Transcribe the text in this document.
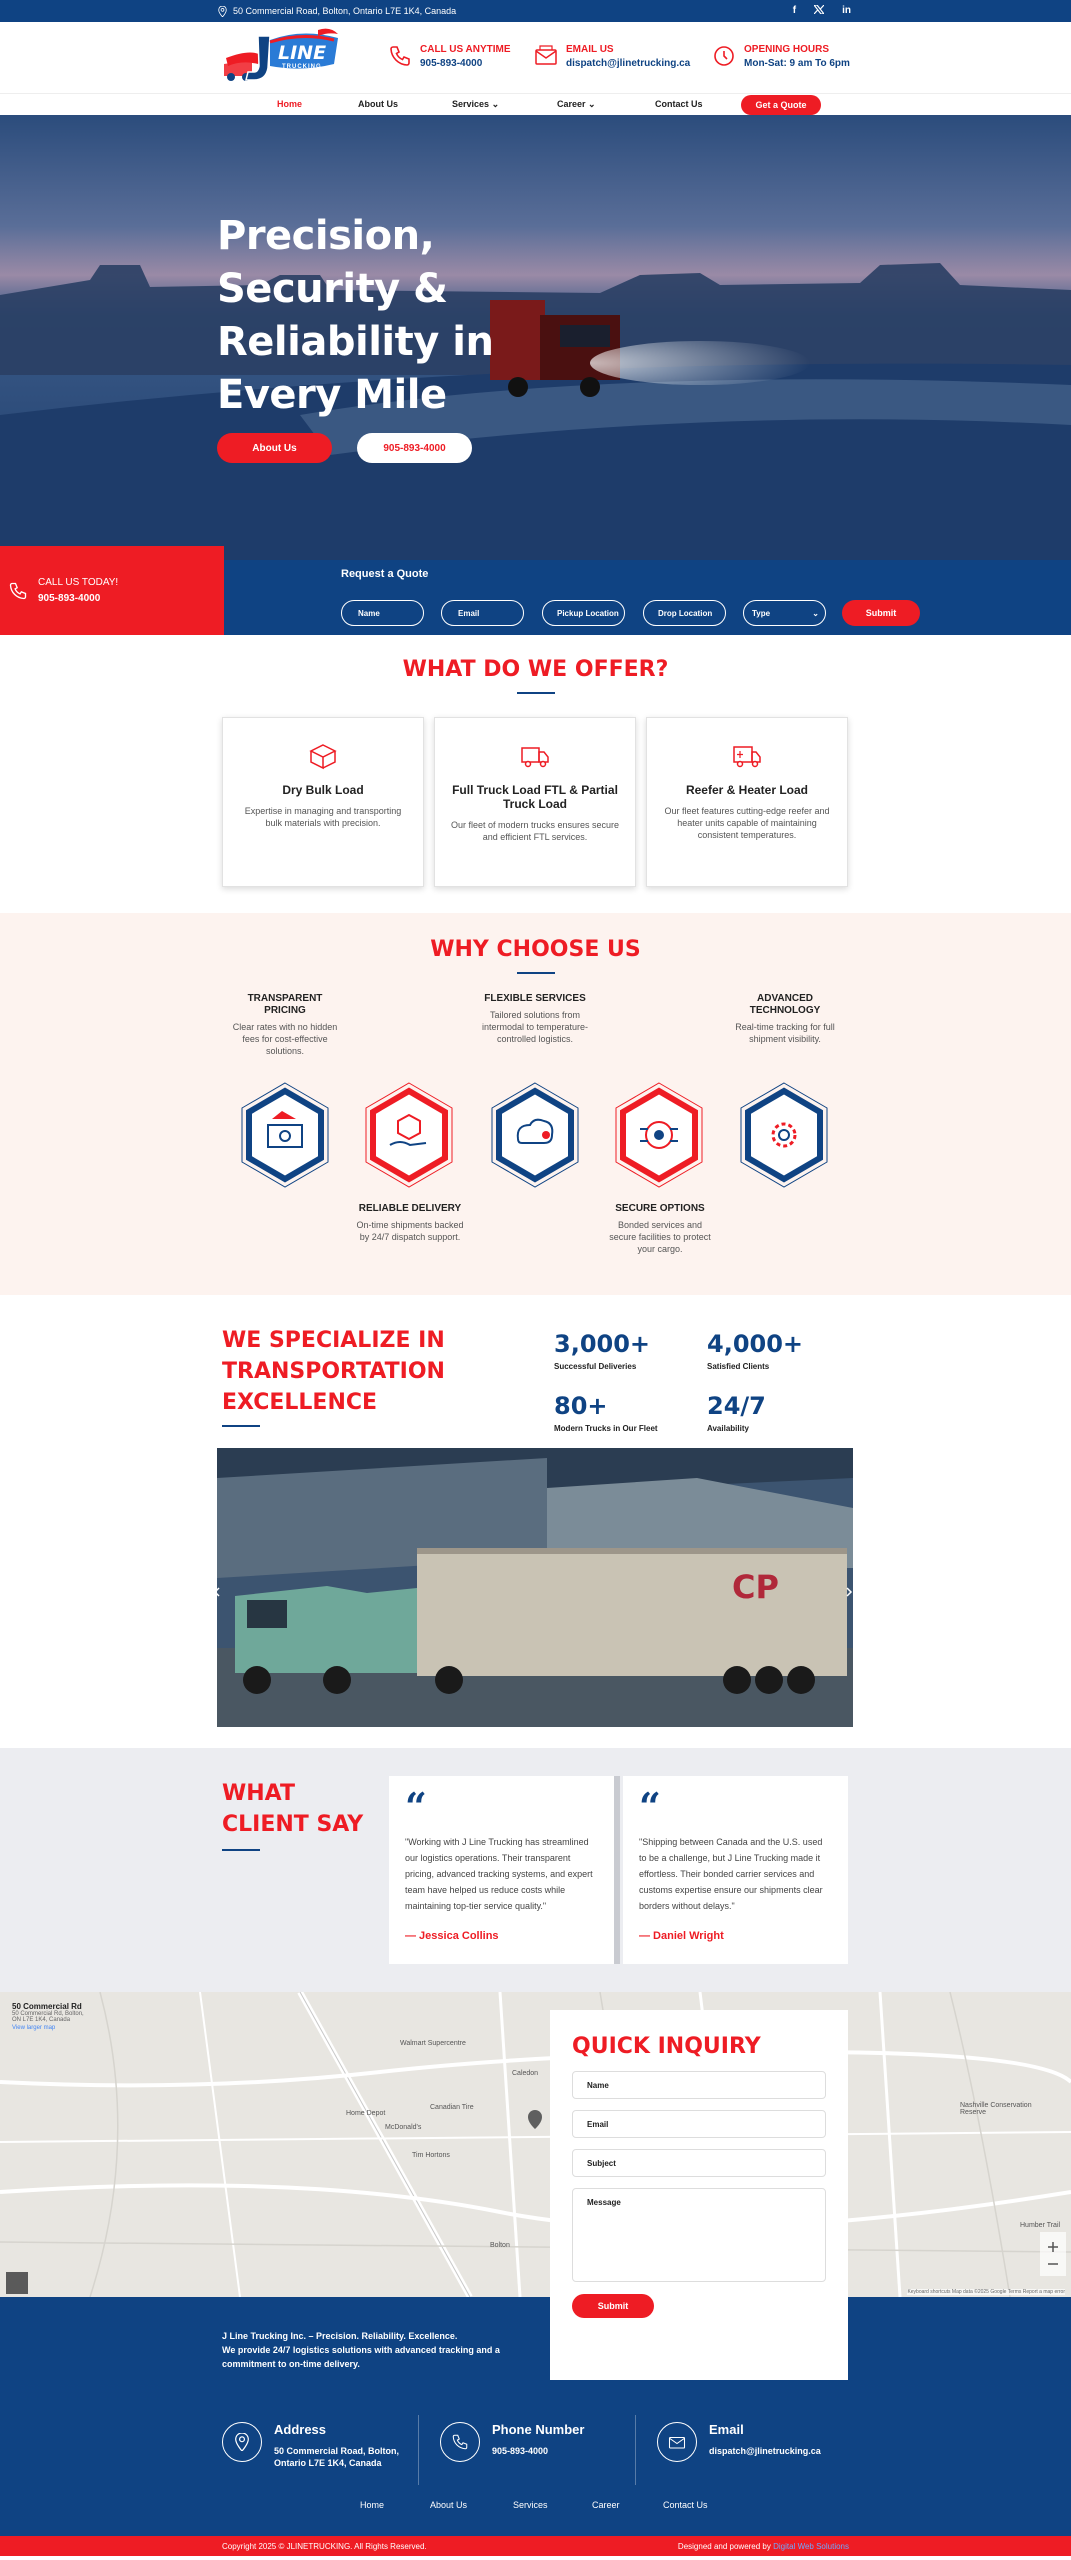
50 Commercial Road, Bolton, Ontario L7E 1K4, Canada	f	in
LINE
TRUCKING
CALL US ANYTIME
905-893-4000
EMAIL US
dispatch@jlinetrucking.ca
OPENING HOURS
Mon-Sat: 9 am To 6pm
Home	About Us	Services ⌄	Career ⌄	Contact Us	Get a Quote
Precision, Security & Reliability in Every Mile
About Us	905-893-4000
CALL US TODAY!
905-893-4000
Request a Quote
Name	Email	Pickup Location	Drop Location	Type	⌄	Submit
WHAT DO WE OFFER?
Dry Bulk Load

Expertise in managing and transporting bulk materials with precision.

Full Truck Load FTL & Partial Truck Load

Our fleet of modern trucks ensures secure and efficient FTL services.

Reefer & Heater Load

Our fleet features cutting-edge reefer and heater units capable of maintaining consistent temperatures.

WHY CHOOSE US
TRANSPARENT PRICING

Clear rates with no hidden fees for cost-effective solutions.

FLEXIBLE SERVICES

Tailored solutions from intermodal to temperature-controlled logistics.

ADVANCED TECHNOLOGY

Real-time tracking for full shipment visibility.

RELIABLE DELIVERY

On-time shipments backed by 24/7 dispatch support.

SECURE OPTIONS

Bonded services and secure facilities to protect your cargo.

WE SPECIALIZE IN TRANSPORTATION EXCELLENCE
3,000+
Successful Deliveries
4,000+
Satisfied Clients
80+
Modern Trucks in Our Fleet
24/7
Availability
CP
WHAT CLIENT SAY “

"Working with J Line Trucking has streamlined our logistics operations. Their transparent pricing, advanced tracking systems, and expert team have helped us reduce costs while maintaining top-tier service quality."

— Jessica Collins
“

"Shipping between Canada and the U.S. used to be a challenge, but J Line Trucking made it effortless. Their bonded carrier services and customs expertise ensure our shipments clear borders without delays."

— Daniel Wright
50 Commercial Rd
50 Commercial Rd, Bolton, ON L7E 1K4, Canada
View larger map
Walmart Supercentre
Home Depot
McDonald's
Canadian Tire
Tim Hortons
Caledon
Bolton
Nashville Conservation Reserve
Humber Trail
Keyboard shortcuts Map data ©2025 Google Terms Report a map error
QUICK INQUIRY
Name
Email
Subject
Message
Submit
J Line Trucking Inc. – Precision. Reliability. Excellence.
We provide 24/7 logistics solutions with advanced tracking and a commitment to on-time delivery.
Address
50 Commercial Road, Bolton, Ontario L7E 1K4, Canada
Phone Number
905-893-4000
Email
dispatch@jlinetrucking.ca
Home	About Us	Services	Career	Contact Us
Copyright 2025 © JLINETRUCKING. All Rights Reserved.	Designed and powered by Digital Web Solutions
